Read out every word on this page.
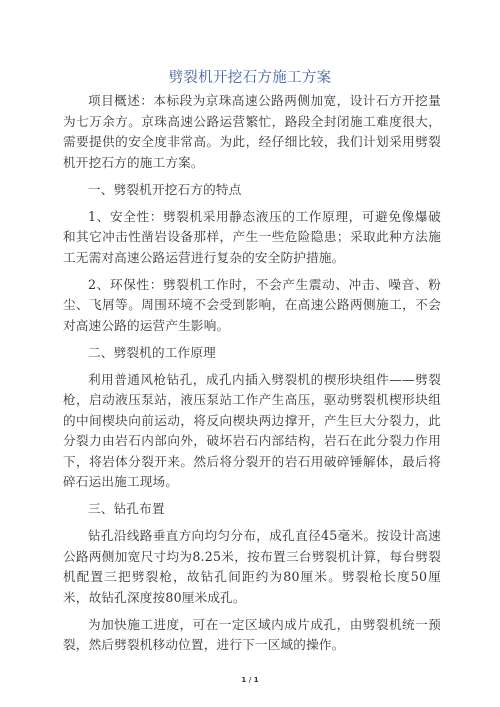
劈裂机开挖石方施工方案

项目概述：本标段为京珠高速公路两侧加宽，设计石方开挖量为七万余方。京珠高速公路运营繁忙，路段全封闭施工难度很大，需要提供的安全度非常高。为此，经仔细比较，我们计划采用劈裂机开挖石方的施工方案。

一、劈裂机开挖石方的特点

1、安全性：劈裂机采用静态液压的工作原理，可避免像爆破和其它冲击性凿岩设备那样，产生一些危险隐患；采取此种方法施工无需对高速公路运营进行复杂的安全防护措施。

2、环保性：劈裂机工作时，不会产生震动、冲击、噪音、粉尘、飞屑等。周围环境不会受到影响，在高速公路两侧施工，不会对高速公路的运营产生影响。

二、劈裂机的工作原理

利用普通风枪钻孔，成孔内插入劈裂机的楔形块组件——劈裂枪，启动液压泵站，液压泵站工作产生高压，驱动劈裂机楔形块组的中间楔块向前运动，将反向楔块两边撑开，产生巨大分裂力，此分裂力由岩石内部向外，破坏岩石内部结构，岩石在此分裂力作用下，将岩体分裂开来。然后将分裂开的岩石用破碎锤解体，最后将碎石运出施工现场。

三、钻孔布置

钻孔沿线路垂直方向均匀分布，成孔直径45毫米。按设计高速公路两侧加宽尺寸均为8.25米，按布置三台劈裂机计算，每台劈裂机配置三把劈裂枪，故钻孔间距约为80厘米。劈裂枪长度50厘米，故钻孔深度按80厘米成孔。

为加快施工进度，可在一定区域内成片成孔，由劈裂机统一预裂，然后劈裂机移动位置，进行下一区域的操作。

1 / 1
